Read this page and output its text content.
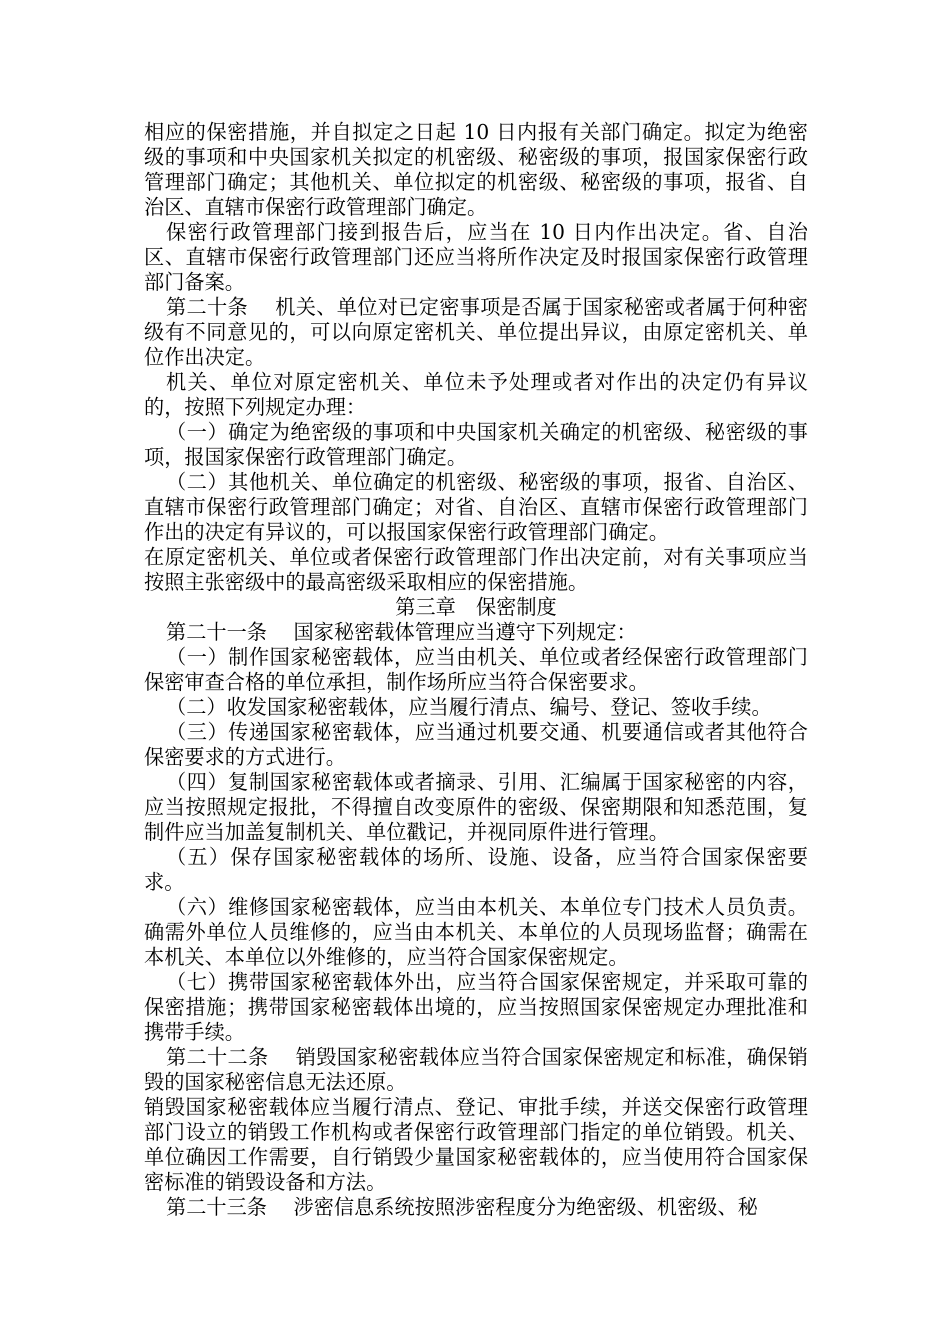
相应的保密措施，并自拟定之日起 10 日内报有关部门确定。拟定为绝密级的事项和中央国家机关拟定的机密级、秘密级的事项，报国家保密行政管理部门确定；其他机关、单位拟定的机密级、秘密级的事项，报省、自治区、直辖市保密行政管理部门确定。

保密行政管理部门接到报告后，应当在 10 日内作出决定。省、自治区、直辖市保密行政管理部门还应当将所作决定及时报国家保密行政管理部门备案。

第二十条　 机关、单位对已定密事项是否属于国家秘密或者属于何种密级有不同意见的，可以向原定密机关、单位提出异议，由原定密机关、单位作出决定。

机关、单位对原定密机关、单位未予处理或者对作出的决定仍有异议的，按照下列规定办理：

（一）确定为绝密级的事项和中央国家机关确定的机密级、秘密级的事项，报国家保密行政管理部门确定。

（二）其他机关、单位确定的机密级、秘密级的事项，报省、自治区、直辖市保密行政管理部门确定；对省、自治区、直辖市保密行政管理部门作出的决定有异议的，可以报国家保密行政管理部门确定。

在原定密机关、单位或者保密行政管理部门作出决定前，对有关事项应当按照主张密级中的最高密级采取相应的保密措施。

第三章　保密制度

第二十一条　 国家秘密载体管理应当遵守下列规定：

（一）制作国家秘密载体，应当由机关、单位或者经保密行政管理部门保密审查合格的单位承担，制作场所应当符合保密要求。

（二）收发国家秘密载体，应当履行清点、编号、登记、签收手续。

（三）传递国家秘密载体，应当通过机要交通、机要通信或者其他符合保密要求的方式进行。

（四）复制国家秘密载体或者摘录、引用、汇编属于国家秘密的内容，应当按照规定报批，不得擅自改变原件的密级、保密期限和知悉范围，复制件应当加盖复制机关、单位戳记，并视同原件进行管理。

（五）保存国家秘密载体的场所、设施、设备，应当符合国家保密要求。

（六）维修国家秘密载体，应当由本机关、本单位专门技术人员负责。确需外单位人员维修的，应当由本机关、本单位的人员现场监督；确需在本机关、本单位以外维修的，应当符合国家保密规定。

（七）携带国家秘密载体外出，应当符合国家保密规定，并采取可靠的保密措施；携带国家秘密载体出境的，应当按照国家保密规定办理批准和携带手续。

第二十二条　 销毁国家秘密载体应当符合国家保密规定和标准，确保销毁的国家秘密信息无法还原。

销毁国家秘密载体应当履行清点、登记、审批手续，并送交保密行政管理部门设立的销毁工作机构或者保密行政管理部门指定的单位销毁。机关、单位确因工作需要，自行销毁少量国家秘密载体的，应当使用符合国家保密标准的销毁设备和方法。

第二十三条　 涉密信息系统按照涉密程度分为绝密级、机密级、秘
